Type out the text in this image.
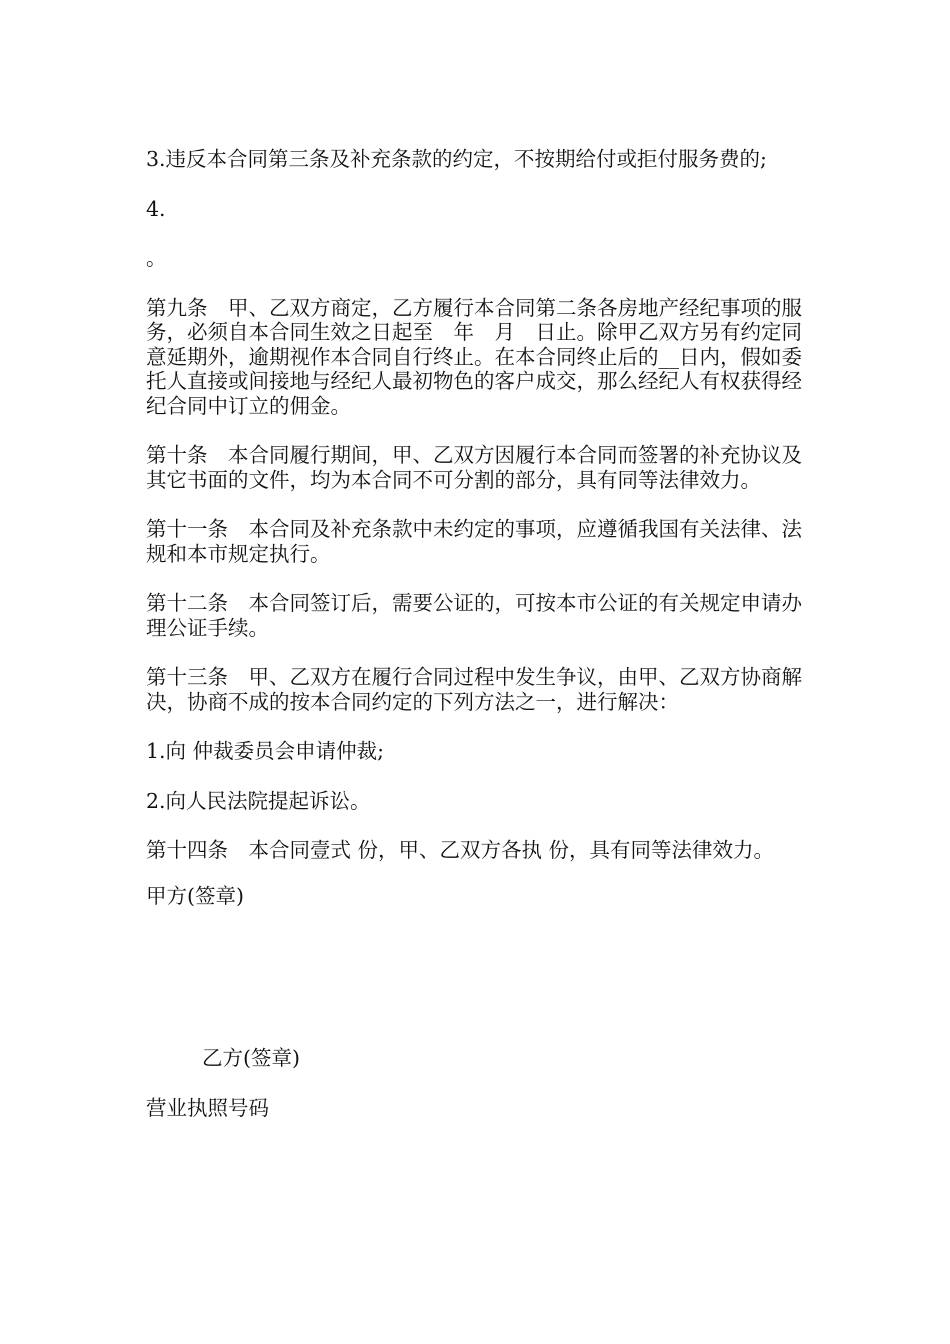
3.违反本合同第三条及补充条款的约定，不按期给付或拒付服务费的;

4.

。

第九条　甲、乙双方商定，乙方履行本合同第二条各房地产经纪事项的服务，必须自本合同生效之日起至　年　月　日止。除甲乙双方另有约定同意延期外，逾期视作本合同自行终止。在本合同终止后的__日内，假如委托人直接或间接地与经纪人最初物色的客户成交，那么经纪人有权获得经纪合同中订立的佣金。

第十条　本合同履行期间，甲、乙双方因履行本合同而签署的补充协议及其它书面的文件，均为本合同不可分割的部分，具有同等法律效力。

第十一条　本合同及补充条款中未约定的事项，应遵循我国有关法律、法规和本市规定执行。

第十二条　本合同签订后，需要公证的，可按本市公证的有关规定申请办理公证手续。

第十三条　甲、乙双方在履行合同过程中发生争议，由甲、乙双方协商解决，协商不成的按本合同约定的下列方法之一，进行解决：

1.向 仲裁委员会申请仲裁;

2.向人民法院提起诉讼。

第十四条　本合同壹式 份，甲、乙双方各执 份，具有同等法律效力。

甲方(签章)

乙方(签章)

营业执照号码
